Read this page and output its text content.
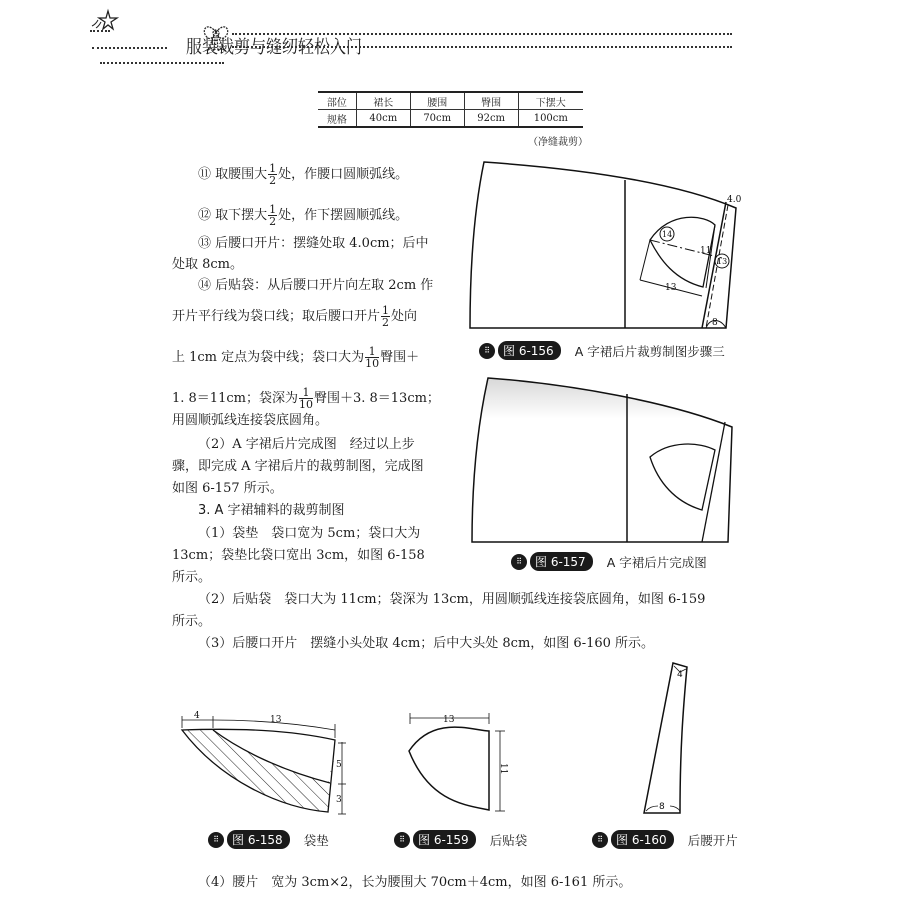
服装裁剪与缝纫轻松入门
部位	裙长	腰围	臀围	下摆大
规格	40cm	70cm	92cm	100cm
（净缝裁剪）
⑪ 取腰围大 $\frac{1}{2}$ 处，作腰口圆顺弧线。
⑫ 取下摆大 $\frac{1}{2}$ 处，作下摆圆顺弧线。
⑬ 后腰口开片：摆缝处取 4.0cm；后中
处取 8cm。
⑭ 后贴袋：从后腰口开片向左取 2cm 作
开片平行线为袋口线；取后腰口开片 $\frac{1}{2}$ 处向
上 1cm 定点为袋中线；袋口大为 $\frac{1}{10}$ 臀围＋
1. 8＝11cm；袋深为 $\frac{1}{10}$ 臀围＋3. 8＝13cm；
用圆顺弧线连接袋底圆角。
（2）A 字裙后片完成图　经过以上步
骤，即完成 A 字裙后片的裁剪制图，完成图
如图 6-157 所示。
3. A 字裙辅料的裁剪制图
（1）袋垫　袋口宽为 5cm；袋口大为
13cm；袋垫比袋口宽出 3cm，如图 6-158
所示。
（2）后贴袋　袋口大为 11cm；袋深为 13cm，用圆顺弧线连接袋底圆角，如图 6-159
所示。
（3）后腰口开片　摆缝小头处取 4cm；后中大头处 8cm，如图 6-160 所示。
（4）腰片　宽为 3cm×2，长为腰围大 70cm＋4cm，如图 6-161 所示。
4.0
14
13
11
13
8
⠿	图 6-156	A 字裙后片裁剪制图步骤三
⠿	图 6-157	A 字裙后片完成图
4	13
5
3
⠿	图 6-158	袋垫
13
11
⠿	图 6-159	后贴袋
4
8
⠿	图 6-160	后腰开片
